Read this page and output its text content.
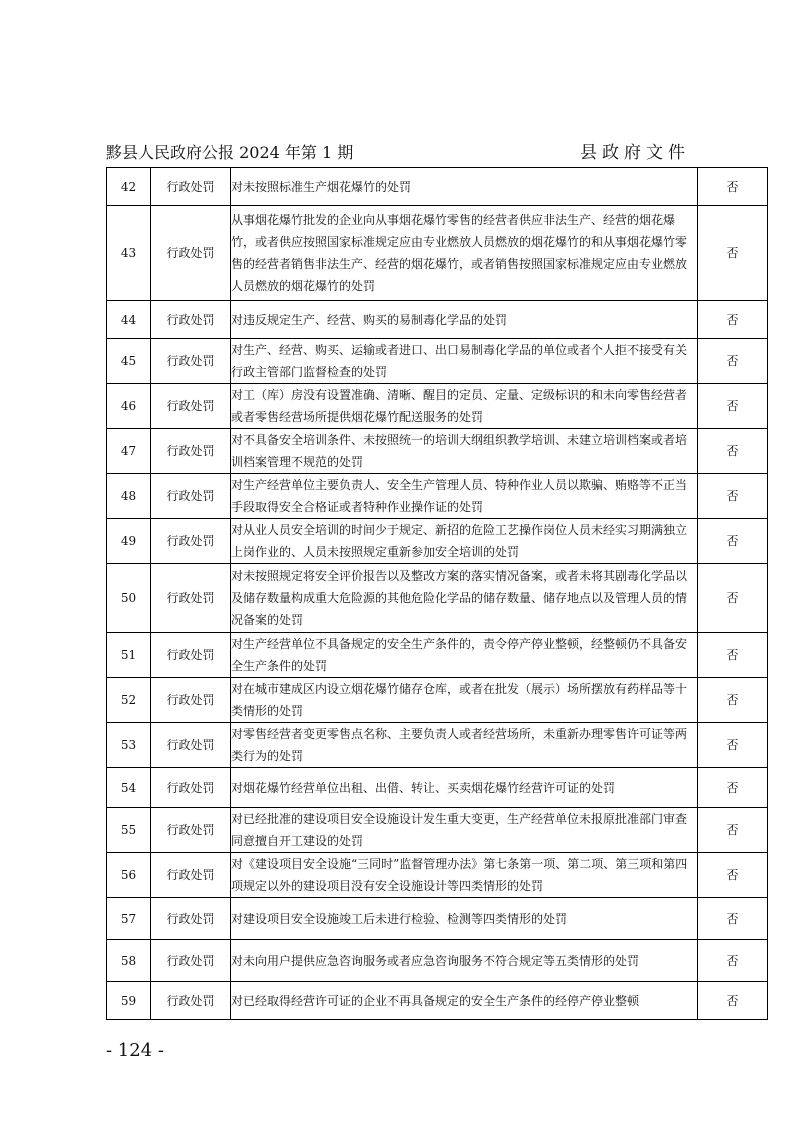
黟县人民政府公报 2024 年第 1 期	县政府文件
42	行政处罚	对未按照标准生产烟花爆竹的处罚	否
43	行政处罚	从事烟花爆竹批发的企业向从事烟花爆竹零售的经营者供应非法生产、经营的烟花爆竹，或者供应按照国家标准规定应由专业燃放人员燃放的烟花爆竹的和从事烟花爆竹零售的经营者销售非法生产、经营的烟花爆竹，或者销售按照国家标准规定应由专业燃放人员燃放的烟花爆竹的处罚	否
44	行政处罚	对违反规定生产、经营、购买的易制毒化学品的处罚	否
45	行政处罚	对生产、经营、购买、运输或者进口、出口易制毒化学品的单位或者个人拒不接受有关行政主管部门监督检查的处罚	否
46	行政处罚	对工（库）房没有设置准确、清晰、醒目的定员、定量、定级标识的和未向零售经营者或者零售经营场所提供烟花爆竹配送服务的处罚	否
47	行政处罚	对不具备安全培训条件、未按照统一的培训大纲组织教学培训、未建立培训档案或者培训档案管理不规范的处罚	否
48	行政处罚	对生产经营单位主要负责人、安全生产管理人员、特种作业人员以欺骗、贿赂等不正当手段取得安全合格证或者特种作业操作证的处罚	否
49	行政处罚	对从业人员安全培训的时间少于规定、新招的危险工艺操作岗位人员未经实习期满独立上岗作业的、人员未按照规定重新参加安全培训的处罚	否
50	行政处罚	对未按照规定将安全评价报告以及整改方案的落实情况备案，或者未将其剧毒化学品以及储存数量构成重大危险源的其他危险化学品的储存数量、储存地点以及管理人员的情况备案的处罚	否
51	行政处罚	对生产经营单位不具备规定的安全生产条件的，责令停产停业整顿，经整顿仍不具备安全生产条件的处罚	否
52	行政处罚	对在城市建成区内设立烟花爆竹储存仓库，或者在批发（展示）场所摆放有药样品等十类情形的处罚	否
53	行政处罚	对零售经营者变更零售点名称、主要负责人或者经营场所，未重新办理零售许可证等两类行为的处罚	否
54	行政处罚	对烟花爆竹经营单位出租、出借、转让、买卖烟花爆竹经营许可证的处罚	否
55	行政处罚	对已经批准的建设项目安全设施设计发生重大变更，生产经营单位未报原批准部门审查同意擅自开工建设的处罚	否
56	行政处罚	对《建设项目安全设施“三同时”监督管理办法》第七条第一项、第二项、第三项和第四项规定以外的建设项目没有安全设施设计等四类情形的处罚	否
57	行政处罚	对建设项目安全设施竣工后未进行检验、检测等四类情形的处罚	否
58	行政处罚	对未向用户提供应急咨询服务或者应急咨询服务不符合规定等五类情形的处罚	否
59	行政处罚	对已经取得经营许可证的企业不再具备规定的安全生产条件的经停产停业整顿	否
- 124 -
